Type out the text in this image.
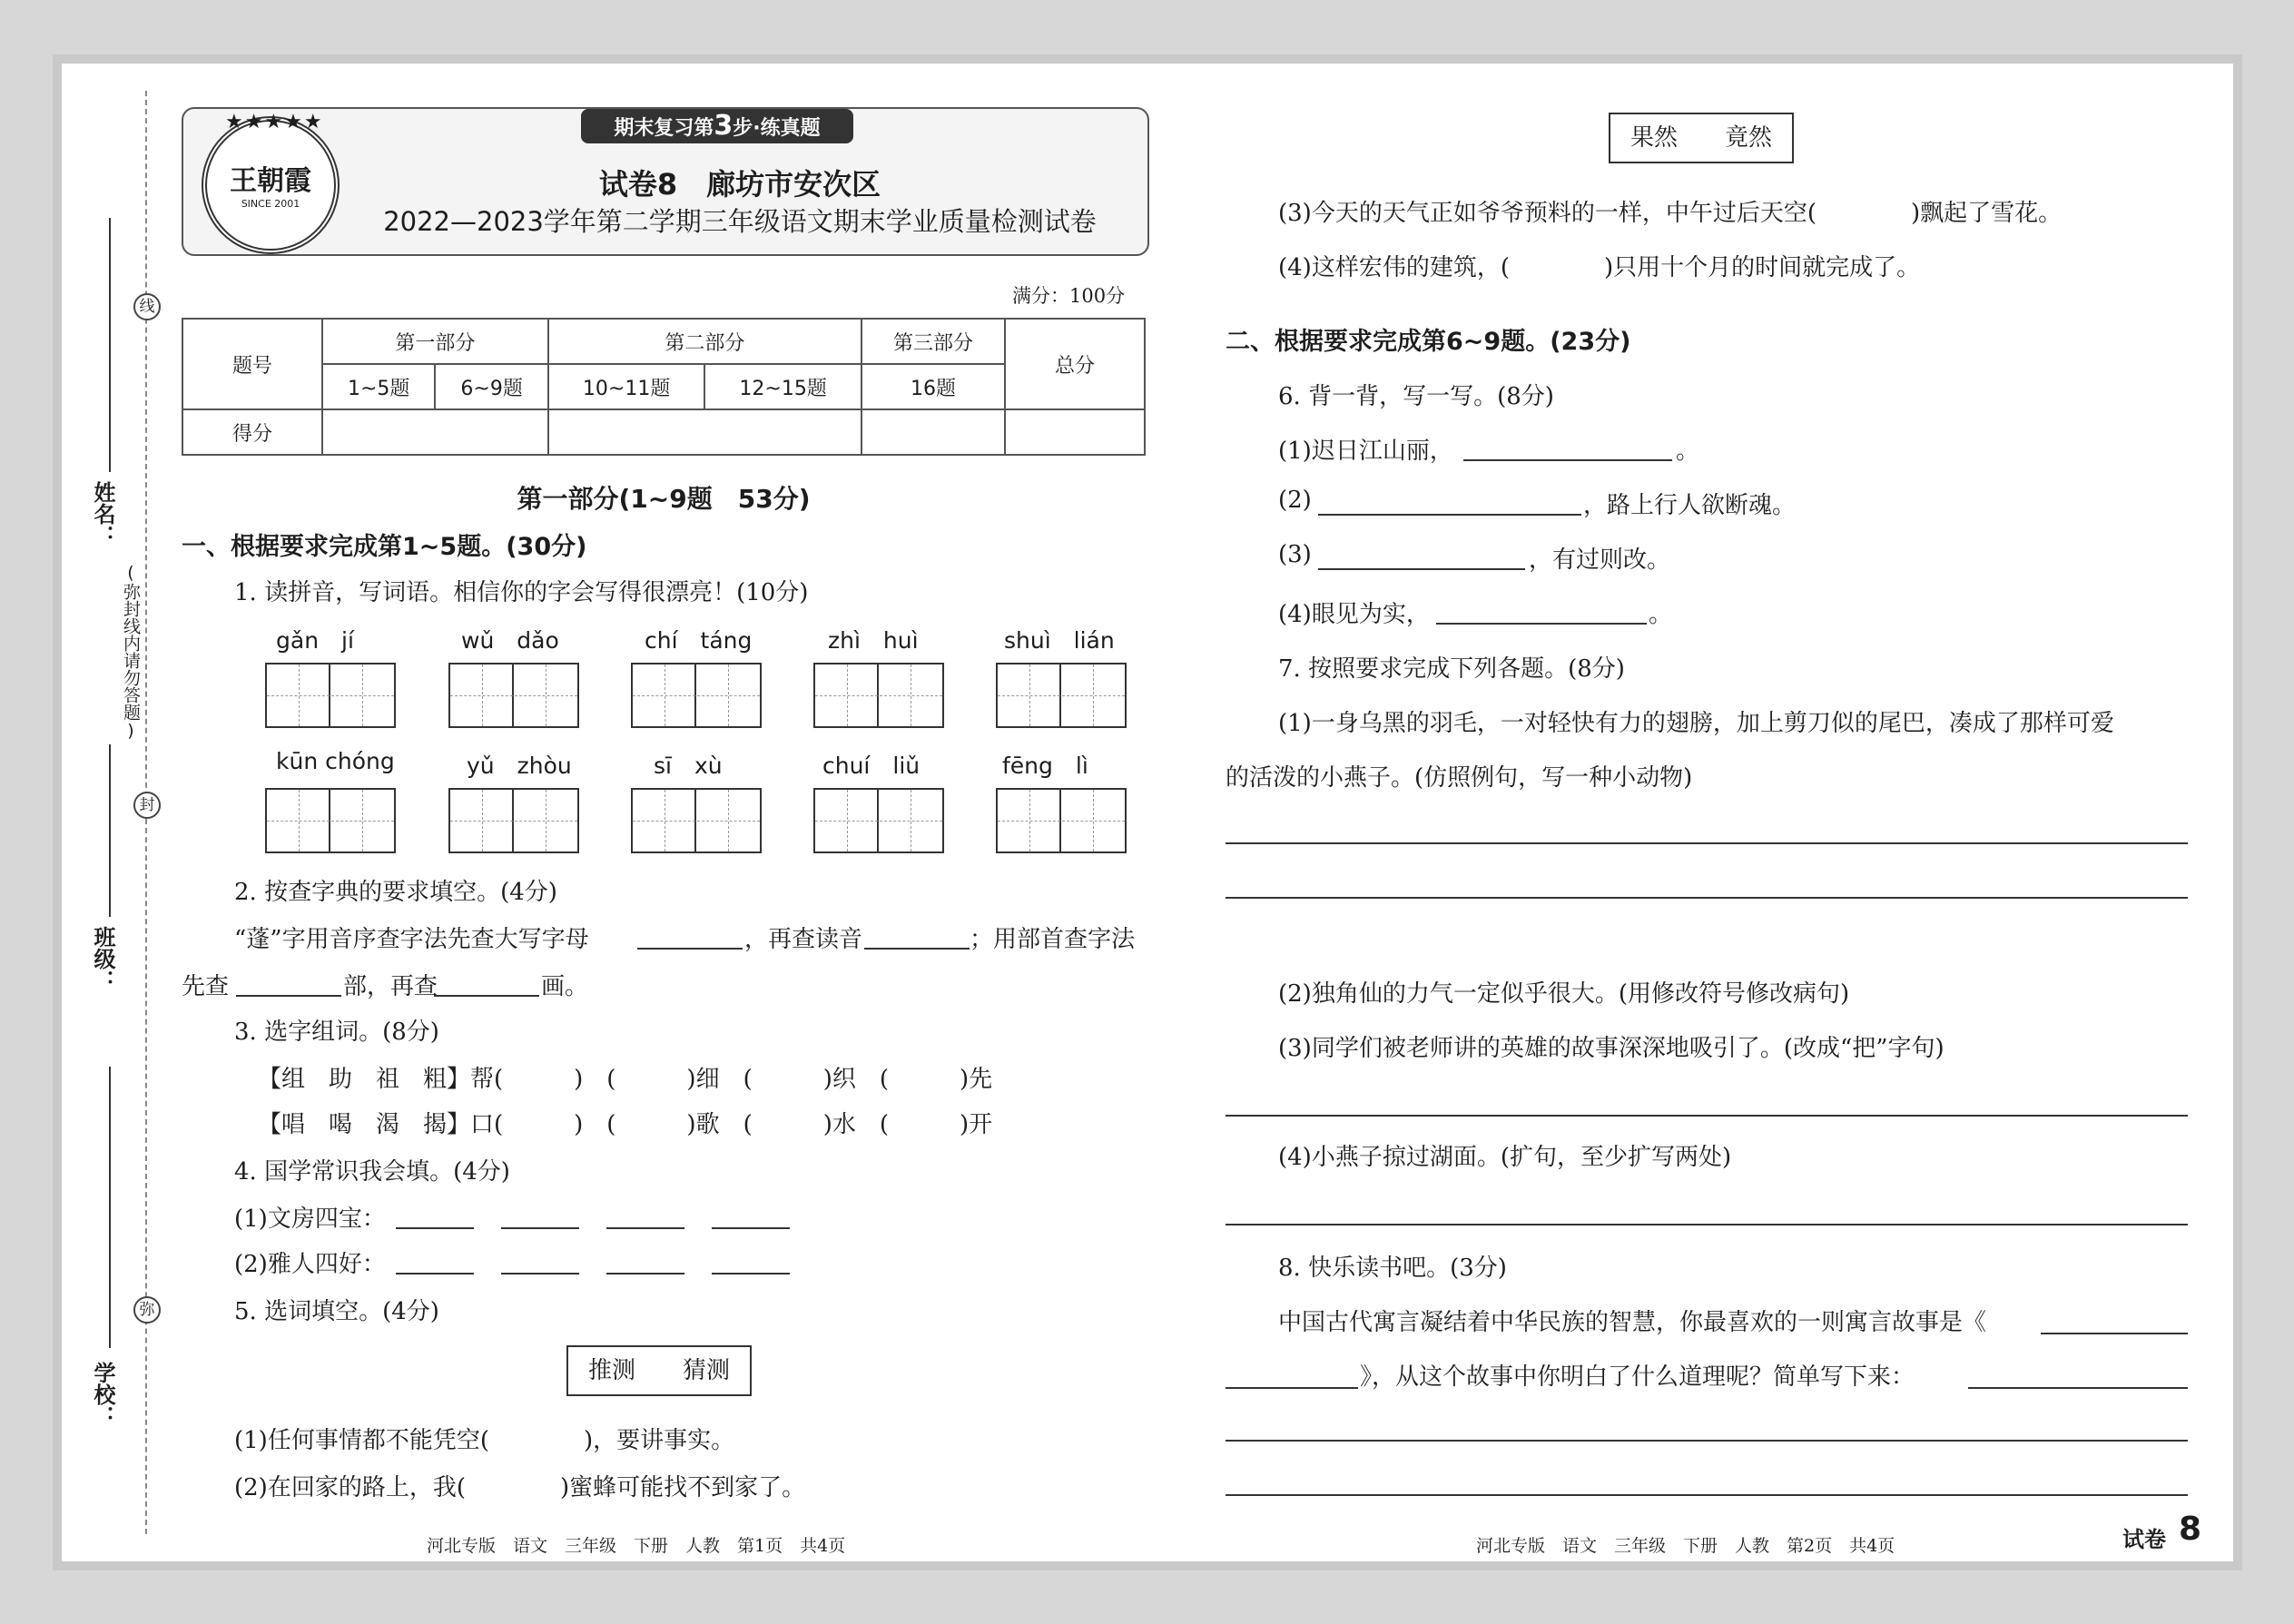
线
封
弥
姓名：
(弥封线内请勿答题)
班级：
学校：
王朝霞
SINCE 2001
★★★★★	期末复习第3步·练真题
试卷8　廊坊市安次区
2022—2023学年第二学期三年级语文期末学业质量检测试卷
满分：100分
题号	第一部分		第二部分		第三部分	总分
	1~5题	6~9题	10~11题	12~15题	16题	
得分						
第一部分(1~9题　53分)
一、根据要求完成第1~5题。(30分)
1. 读拼音，写词语。相信你的字会写得很漂亮！(10分)
gǎn　jí	wǔ　dǎo	chí　táng	zhì　huì	shuì　lián
kūn chóng	yǔ　zhòu	sī　xù	chuí　liǔ	fēng　lì
2. 按查字典的要求填空。(4分)
“蓬”字用音序查字法先查大写字母	，再查读音	；用部首查字法
先查	部，再查	画。
3. 选字组词。(8分)
【组　助　祖　粗】帮(　　　)　(　　　)细　(　　　)织　(　　　)先
【唱　喝　渴　揭】口(　　　)　(　　　)歌　(　　　)水　(　　　)开
4. 国学常识我会填。(4分)
(1)文房四宝：
(2)雅人四好：
5. 选词填空。(4分)
推测　　猜测
(1)任何事情都不能凭空(　　　　)，要讲事实。
(2)在回家的路上，我(　　　　)蜜蜂可能找不到家了。
河北专版　语文　三年级　下册　人教　第1页　共4页
果然　　竟然
(3)今天的天气正如爷爷预料的一样，中午过后天空(　　　　)飘起了雪花。
(4)这样宏伟的建筑，(　　　　)只用十个月的时间就完成了。
二、根据要求完成第6~9题。(23分)
6. 背一背，写一写。(8分)
(1)迟日江山丽，	。
(2)	，路上行人欲断魂。
(3)	，有过则改。
(4)眼见为实，	。
7. 按照要求完成下列各题。(8分)
(1)一身乌黑的羽毛，一对轻快有力的翅膀，加上剪刀似的尾巴，凑成了那样可爱
的活泼的小燕子。(仿照例句，写一种小动物)
(2)独角仙的力气一定似乎很大。(用修改符号修改病句)
(3)同学们被老师讲的英雄的故事深深地吸引了。(改成“把”字句)
(4)小燕子掠过湖面。(扩句，至少扩写两处)
8. 快乐读书吧。(3分)
中国古代寓言凝结着中华民族的智慧，你最喜欢的一则寓言故事是《
》，从这个故事中你明白了什么道理呢？简单写下来：
河北专版　语文　三年级　下册　人教　第2页　共4页	试卷 8
